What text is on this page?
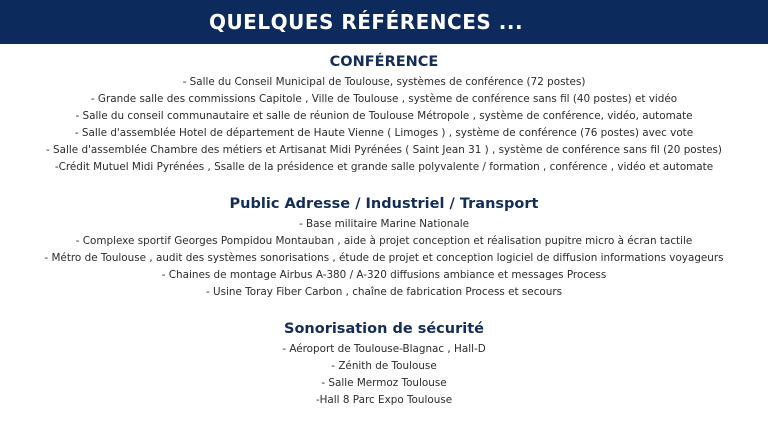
QUELQUES RÉFÉRENCES ...
CONFÉRENCE
- Salle du Conseil Municipal de Toulouse, systèmes de conférence (72 postes)
- Grande salle des commissions Capitole , Ville de Toulouse , système de conférence sans fil (40 postes) et vidéo
- Salle du conseil communautaire et salle de réunion de Toulouse Métropole , système de conférence, vidéo, automate
- Salle d'assemblée Hotel de département de Haute Vienne ( Limoges ) , système de conférence (76 postes) avec vote
- Salle d'assemblée Chambre des métiers et Artisanat Midi Pyrénées ( Saint Jean 31 ) , système de conférence sans fil (20 postes)
-Crédit Mutuel Midi Pyrénées , Ssalle de la présidence et grande salle polyvalente / formation , conférence , vidéo et automate
Public Adresse / Industriel / Transport
- Base militaire Marine Nationale
- Complexe sportif Georges Pompidou Montauban , aide à projet conception et réalisation pupitre micro à écran tactile
- Métro de Toulouse , audit des systèmes sonorisations , étude de projet et conception logiciel de diffusion informations voyageurs
- Chaines de montage Airbus A-380 / A-320 diffusions ambiance et messages Process
- Usine Toray Fiber Carbon , chaîne de fabrication Process et secours
Sonorisation de sécurité
- Aéroport de Toulouse-Blagnac , Hall-D
- Zénith de Toulouse
- Salle Mermoz Toulouse
-Hall 8 Parc Expo Toulouse
